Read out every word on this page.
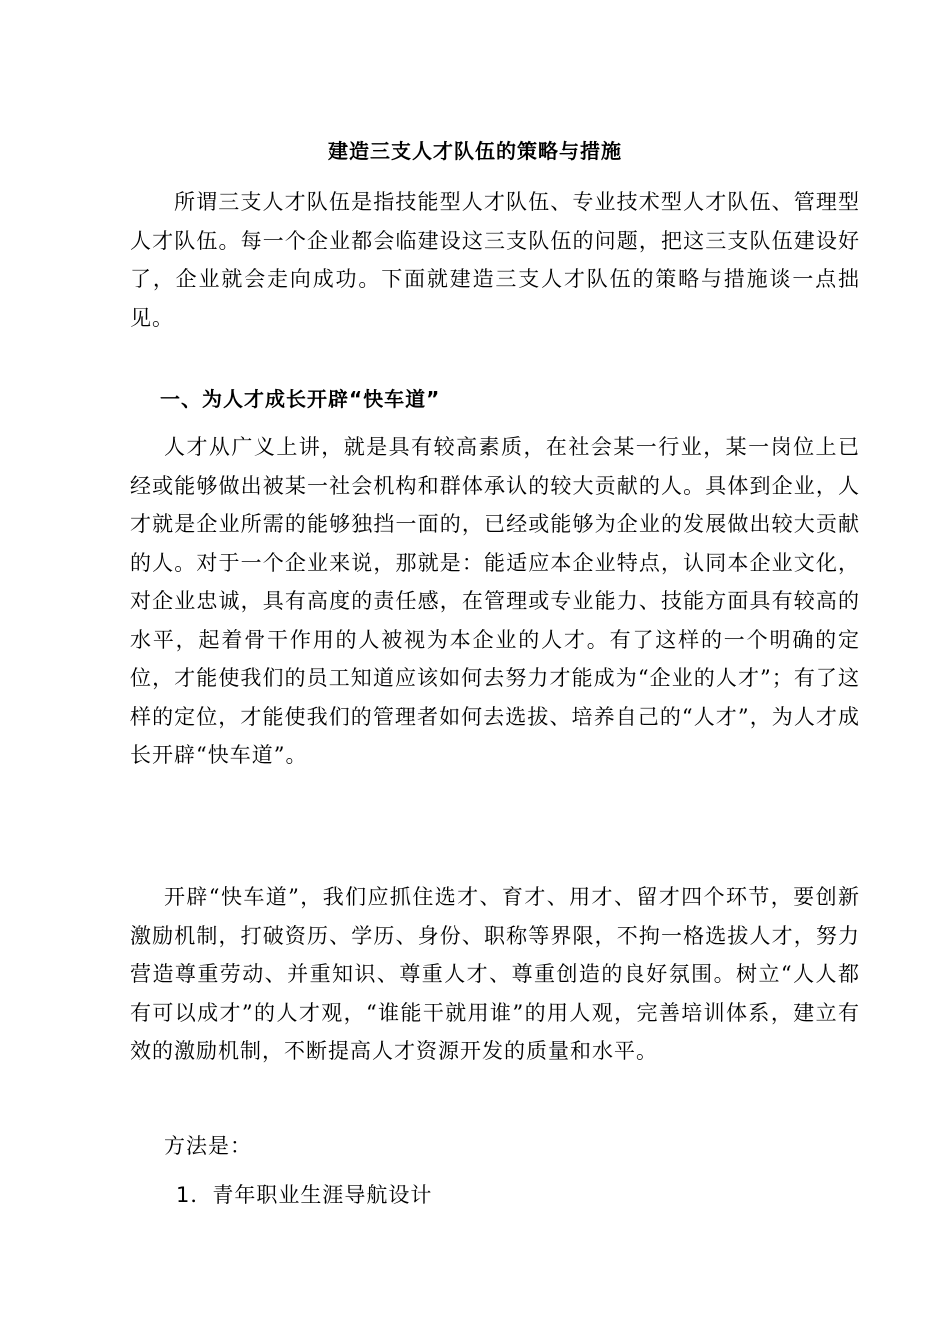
建造三支人才队伍的策略与措施
所谓三支人才队伍是指技能型人才队伍、专业技术型人才队伍、管理型人才队伍。每一个企业都会临建设这三支队伍的问题，把这三支队伍建设好了，企业就会走向成功。下面就建造三支人才队伍的策略与措施谈一点拙见。
一、为人才成长开辟“快车道”
人才从广义上讲，就是具有较高素质，在社会某一行业，某一岗位上已经或能够做出被某一社会机构和群体承认的较大贡献的人。具体到企业，人才就是企业所需的能够独挡一面的，已经或能够为企业的发展做出较大贡献的人。对于一个企业来说，那就是：能适应本企业特点，认同本企业文化，对企业忠诚，具有高度的责任感，在管理或专业能力、技能方面具有较高的水平，起着骨干作用的人被视为本企业的人才。有了这样的一个明确的定位，才能使我们的员工知道应该如何去努力才能成为“企业的人才”；有了这样的定位，才能使我们的管理者如何去选拔、培养自己的“人才”，为人才成长开辟“快车道”。
开辟“快车道”，我们应抓住选才、育才、用才、留才四个环节，要创新激励机制，打破资历、学历、身份、职称等界限，不拘一格选拔人才，努力营造尊重劳动、并重知识、尊重人才、尊重创造的良好氛围。树立“人人都有可以成才”的人才观，“谁能干就用谁”的用人观，完善培训体系，建立有效的激励机制，不断提高人才资源开发的质量和水平。
方法是：
1．青年职业生涯导航设计
